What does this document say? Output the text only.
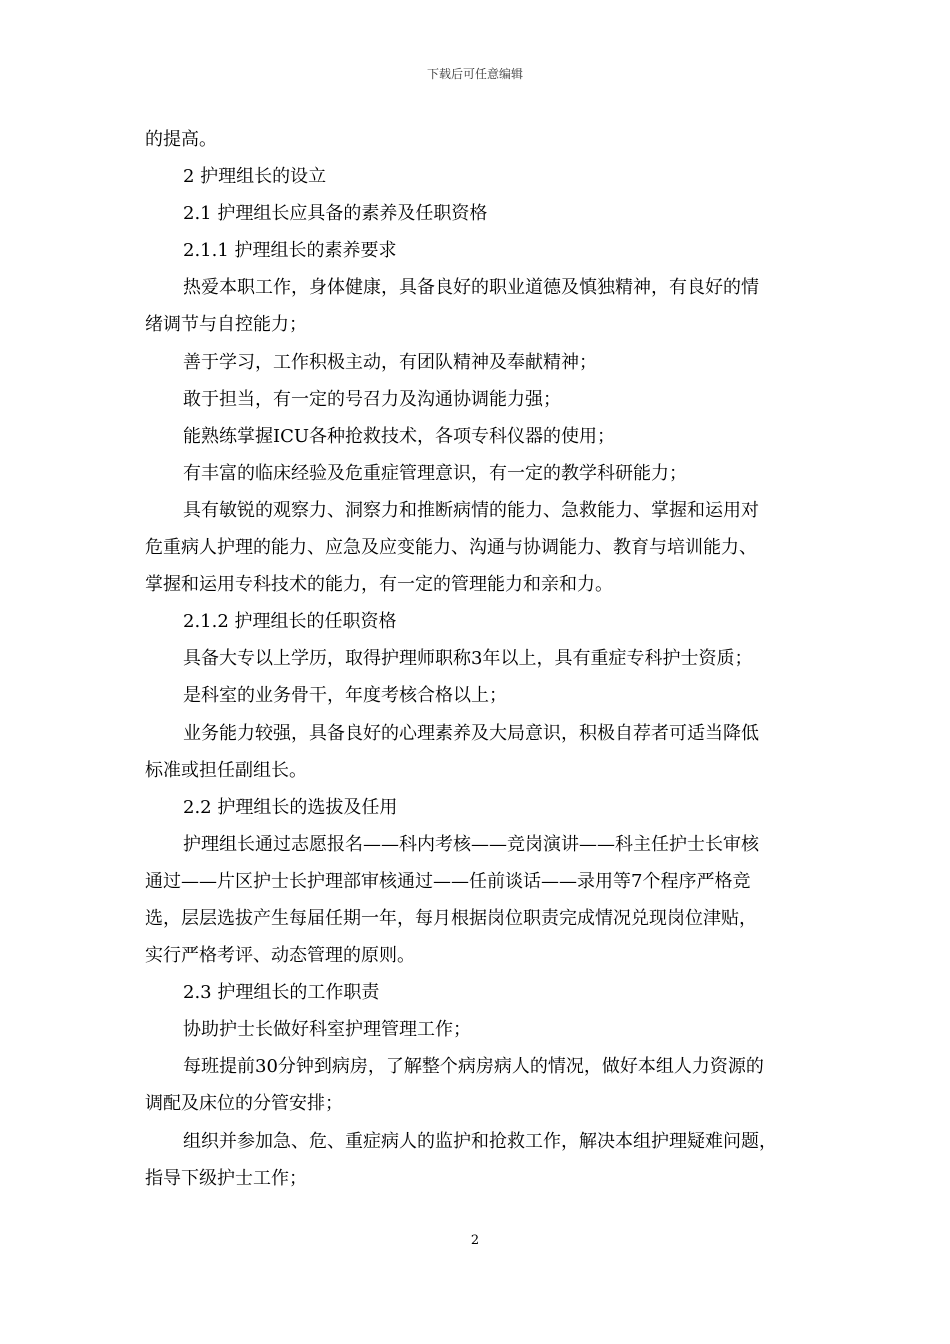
下载后可任意编辑

的提高。

2 护理组长的设立

2.1 护理组长应具备的素养及任职资格

2.1.1 护理组长的素养要求

热爱本职工作，身体健康，具备良好的职业道德及慎独精神，有良好的情

绪调节与自控能力；

善于学习，工作积极主动，有团队精神及奉献精神；

敢于担当，有一定的号召力及沟通协调能力强；

能熟练掌握ICU各种抢救技术，各项专科仪器的使用；

有丰富的临床经验及危重症管理意识，有一定的教学科研能力；

具有敏锐的观察力、洞察力和推断病情的能力、急救能力、掌握和运用对

危重病人护理的能力、应急及应变能力、沟通与协调能力、教育与培训能力、

掌握和运用专科技术的能力，有一定的管理能力和亲和力。

2.1.2 护理组长的任职资格

具备大专以上学历，取得护理师职称3年以上，具有重症专科护士资质；

是科室的业务骨干，年度考核合格以上；

业务能力较强，具备良好的心理素养及大局意识，积极自荐者可适当降低

标准或担任副组长。

2.2 护理组长的选拔及任用

护理组长通过志愿报名——科内考核——竞岗演讲——科主任护士长审核

通过——片区护士长护理部审核通过——任前谈话——录用等7个程序严格竞

选，层层选拔产生每届任期一年，每月根据岗位职责完成情况兑现岗位津贴，

实行严格考评、动态管理的原则。

2.3 护理组长的工作职责

协助护士长做好科室护理管理工作；

每班提前30分钟到病房，了解整个病房病人的情况，做好本组人力资源的

调配及床位的分管安排；

组织并参加急、危、重症病人的监护和抢救工作，解决本组护理疑难问题，

指导下级护士工作；

2
